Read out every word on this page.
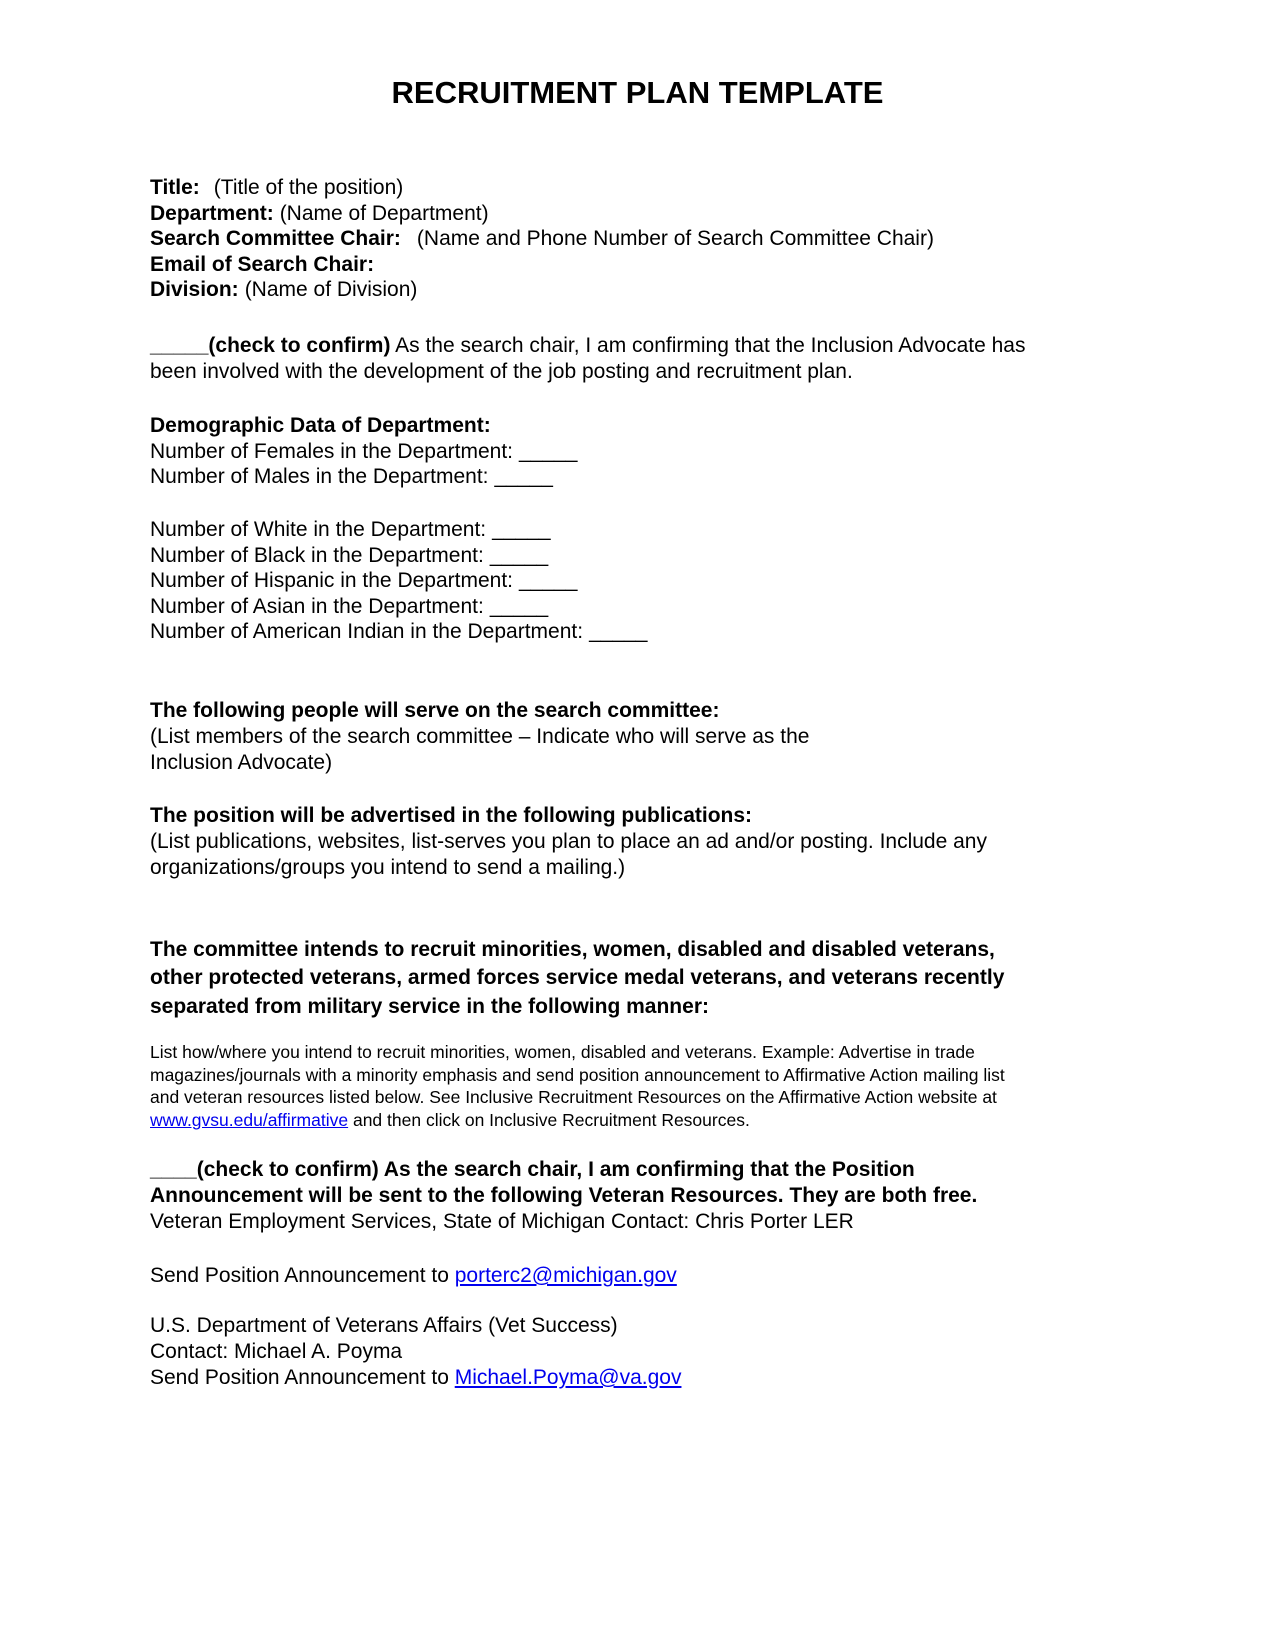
RECRUITMENT PLAN TEMPLATE
Title: (Title of the position)
Department: (Name of Department)
Search Committee Chair: (Name and Phone Number of Search Committee Chair)
Email of Search Chair:
Division: (Name of Division)
_____(check to confirm) As the search chair, I am confirming that the Inclusion Advocate has
been involved with the development of the job posting and recruitment plan.
Demographic Data of Department:
Number of Females in the Department: _____
Number of Males in the Department: _____
Number of White in the Department: _____
Number of Black in the Department: _____
Number of Hispanic in the Department: _____
Number of Asian in the Department: _____
Number of American Indian in the Department: _____
The following people will serve on the search committee:
(List members of the search committee – Indicate who will serve as the
Inclusion Advocate)
The position will be advertised in the following publications:
(List publications, websites, list-serves you plan to place an ad and/or posting. Include any
organizations/groups you intend to send a mailing.)
The committee intends to recruit minorities, women, disabled and disabled veterans,
other protected veterans, armed forces service medal veterans, and veterans recently
separated from military service in the following manner:
List how/where you intend to recruit minorities, women, disabled and veterans. Example: Advertise in trade
magazines/journals with a minority emphasis and send position announcement to Affirmative Action mailing list
and veteran resources listed below. See Inclusive Recruitment Resources on the Affirmative Action website at
www.gvsu.edu/affirmative and then click on Inclusive Recruitment Resources.
____(check to confirm) As the search chair, I am confirming that the Position
Announcement will be sent to the following Veteran Resources. They are both free.
Veteran Employment Services, State of Michigan Contact: Chris Porter LER
Send Position Announcement to porterc2@michigan.gov
U.S. Department of Veterans Affairs (Vet Success)
Contact: Michael A. Poyma
Send Position Announcement to Michael.Poyma@va.gov
